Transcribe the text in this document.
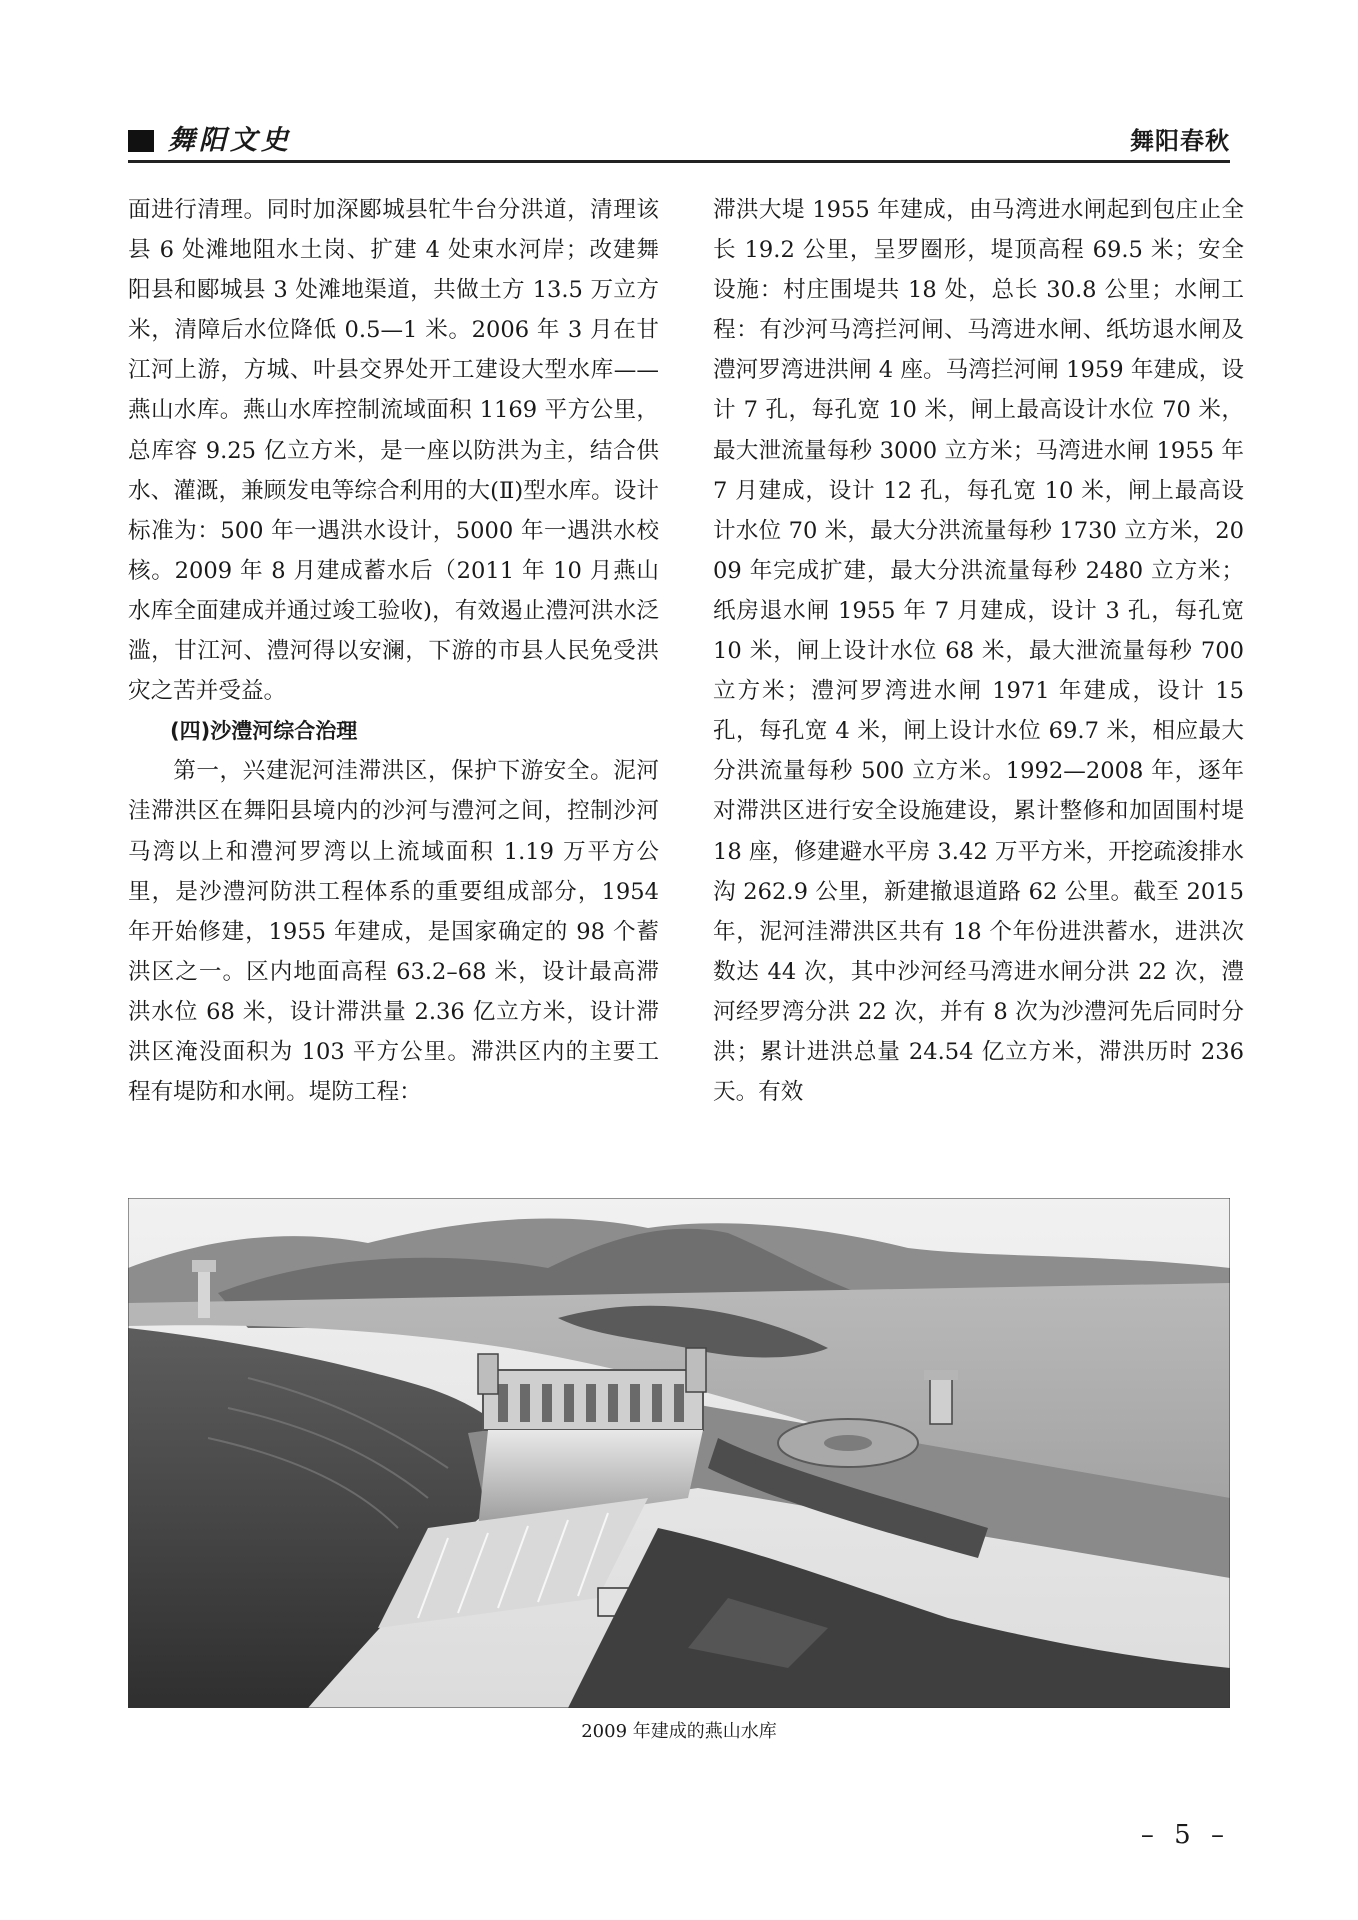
舞阳文史	舞阳春秋

面进行清理。同时加深郾城县牤牛台分洪道，清理该县 6 处滩地阻水土岗、扩建 4 处束水河岸；改建舞阳县和郾城县 3 处滩地渠道，共做土方 13.5 万立方米，清障后水位降低 0.5—1 米。2006 年 3 月在甘江河上游，方城、叶县交界处开工建设大型水库——燕山水库。燕山水库控制流域面积 1169 平方公里，总库容 9.25 亿立方米，是一座以防洪为主，结合供水、灌溉，兼顾发电等综合利用的大(Ⅱ)型水库。设计标准为：500 年一遇洪水设计，5000 年一遇洪水校核。2009 年 8 月建成蓄水后（2011 年 10 月燕山水库全面建成并通过竣工验收)，有效遏止澧河洪水泛滥，甘江河、澧河得以安澜，下游的市县人民免受洪灾之苦并受益。

(四)沙澧河综合治理

第一，兴建泥河洼滞洪区，保护下游安全。泥河洼滞洪区在舞阳县境内的沙河与澧河之间，控制沙河马湾以上和澧河罗湾以上流域面积 1.19 万平方公里，是沙澧河防洪工程体系的重要组成部分，1954 年开始修建，1955 年建成，是国家确定的 98 个蓄洪区之一。区内地面高程 63.2–68 米，设计最高滞洪水位 68 米，设计滞洪量 2.36 亿立方米，设计滞洪区淹没面积为 103 平方公里。滞洪区内的主要工程有堤防和水闸。堤防工程：

滞洪大堤 1955 年建成，由马湾进水闸起到包庄止全长 19.2 公里，呈罗圈形，堤顶高程 69.5 米；安全设施：村庄围堤共 18 处，总长 30.8 公里；水闸工程：有沙河马湾拦河闸、马湾进水闸、纸坊退水闸及澧河罗湾进洪闸 4 座。马湾拦河闸 1959 年建成，设计 7 孔，每孔宽 10 米，闸上最高设计水位 70 米，最大泄流量每秒 3000 立方米；马湾进水闸 1955 年 7 月建成，设计 12 孔，每孔宽 10 米，闸上最高设计水位 70 米，最大分洪流量每秒 1730 立方米，2009 年完成扩建，最大分洪流量每秒 2480 立方米；纸房退水闸 1955 年 7 月建成，设计 3 孔，每孔宽 10 米，闸上设计水位 68 米，最大泄流量每秒 700 立方米；澧河罗湾进水闸 1971 年建成，设计 15 孔，每孔宽 4 米，闸上设计水位 69.7 米，相应最大分洪流量每秒 500 立方米。1992—2008 年，逐年对滞洪区进行安全设施建设，累计整修和加固围村堤 18 座，修建避水平房 3.42 万平方米，开挖疏浚排水沟 262.9 公里，新建撤退道路 62 公里。截至 2015 年，泥河洼滞洪区共有 18 个年份进洪蓄水，进洪次数达 44 次，其中沙河经马湾进水闸分洪 22 次，澧河经罗湾分洪 22 次，并有 8 次为沙澧河先后同时分洪；累计进洪总量 24.54 亿立方米，滞洪历时 236 天。有效

2009 年建成的燕山水库
– 5 –
